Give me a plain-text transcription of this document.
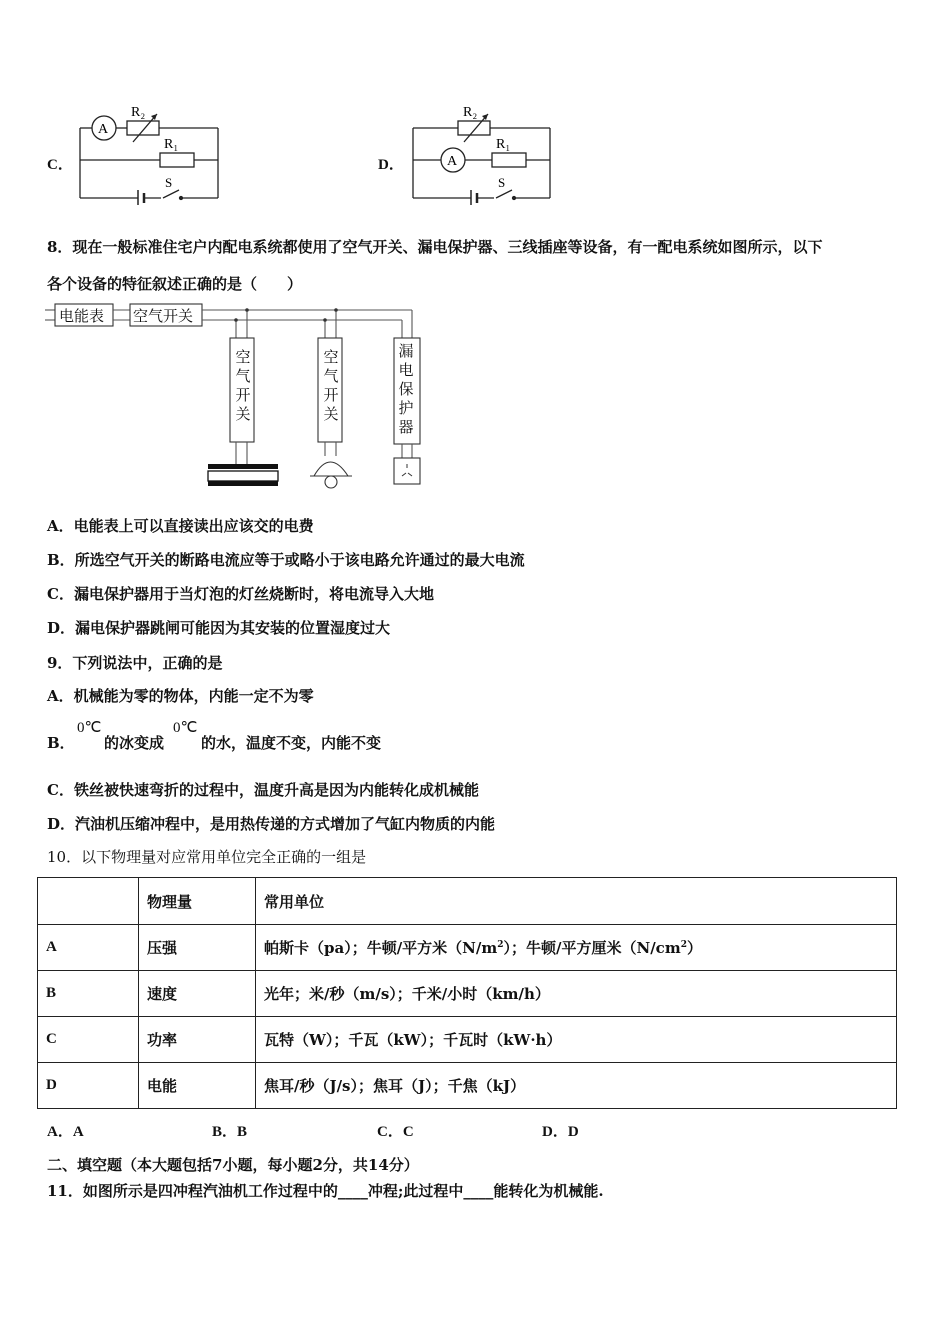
C．
A
R₂
R₁
S
D．	A
R₂
R₁
S
8．现在一般标准住宅户内配电系统都使用了空气开关、漏电保护器、三线插座等设备，有一配电系统如图所示，以下
各个设备的特征叙述正确的是（　　）
电能表 空气开关
空
气
开
关
空
气
开
关
漏
电
保
护
器
A．电能表上可以直接读出应该交的电费
B．所选空气开关的断路电流应等于或略小于该电路允许通过的最大电流
C．漏电保护器用于当灯泡的灯丝烧断时，将电流导入大地
D．漏电保护器跳闸可能因为其安装的位置湿度过大
9．下列说法中，正确的是
A．机械能为零的物体，内能一定不为零
B．
0℃
的冰变成
0℃
的水，温度不变，内能不变
C．铁丝被快速弯折的过程中，温度升高是因为内能转化成机械能
D．汽油机压缩冲程中，是用热传递的方式增加了气缸内物质的内能
10．以下物理量对应常用单位完全正确的一组是
	物理量	常用单位
A	压强	帕斯卡（pa）；牛顿/平方米$(N/m^2)$；牛顿/平方厘米$(N/cm^2)$
B	速度	光年；米/秒（m/s）；千米/小时（km/h）
C	功率	瓦特（W）；千瓦（kW）；千瓦时（kW·h）
D	电能	焦耳/秒（J/s）；焦耳（J）；千焦（kJ）
A．A	B．B	C．C	D．D
二、填空题（本大题包括7小题，每小题2分，共14分）
11．如图所示是四冲程汽油机工作过程中的____冲程;此过程中____能转化为机械能.
